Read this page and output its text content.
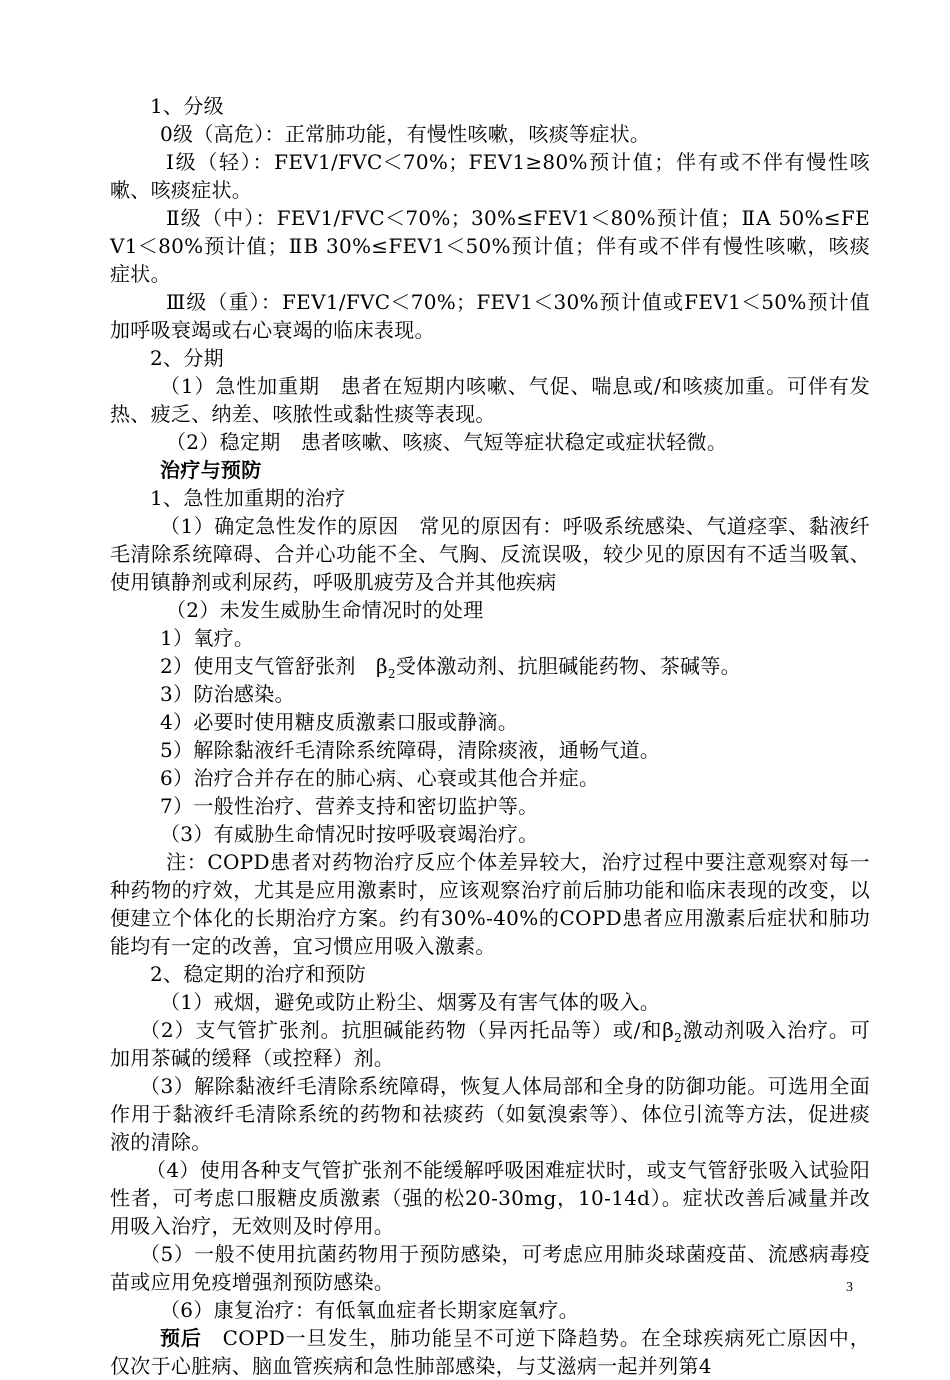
1、分级

0级（高危）：正常肺功能，有慢性咳嗽，咳痰等症状。

Ⅰ级（轻）：FEV1/FVC＜70%；FEV1≥80%预计值；伴有或不伴有慢性咳嗽、咳痰症状。

Ⅱ级（中）：FEV1/FVC＜70%；30%≤FEV1＜80%预计值；ⅡA 50%≤FEV1＜80%预计值；ⅡB 30%≤FEV1＜50%预计值；伴有或不伴有慢性咳嗽，咳痰症状。

Ⅲ级（重）：FEV1/FVC＜70%；FEV1＜30%预计值或FEV1＜50%预计值加呼吸衰竭或右心衰竭的临床表现。

2、分期

（1）急性加重期　患者在短期内咳嗽、气促、喘息或/和咳痰加重。可伴有发热、疲乏、纳差、咳脓性或黏性痰等表现。

（2）稳定期　患者咳嗽、咳痰、气短等症状稳定或症状轻微。

治疗与预防

1、急性加重期的治疗

（1）确定急性发作的原因　常见的原因有：呼吸系统感染、气道痉挛、黏液纤毛清除系统障碍、合并心功能不全、气胸、反流误吸，较少见的原因有不适当吸氧、使用镇静剂或利尿药，呼吸肌疲劳及合并其他疾病

（2）未发生威胁生命情况时的处理

1）氧疗。

2）使用支气管舒张剂　$\beta_2$受体激动剂、抗胆碱能药物、茶碱等。

3）防治感染。

4）必要时使用糖皮质激素口服或静滴。

5）解除黏液纤毛清除系统障碍，清除痰液，通畅气道。

6）治疗合并存在的肺心病、心衰或其他合并症。

7）一般性治疗、营养支持和密切监护等。

（3）有威胁生命情况时按呼吸衰竭治疗。

注：COPD患者对药物治疗反应个体差异较大，治疗过程中要注意观察对每一种药物的疗效，尤其是应用激素时，应该观察治疗前后肺功能和临床表现的改变，以便建立个体化的长期治疗方案。约有30%-40%的COPD患者应用激素后症状和肺功能均有一定的改善，宜习惯应用吸入激素。

2、稳定期的治疗和预防

（1）戒烟，避免或防止粉尘、烟雾及有害气体的吸入。

（2）支气管扩张剂。抗胆碱能药物（异丙托品等）或/和$\beta_2$激动剂吸入治疗。可加用茶碱的缓释（或控释）剂。

（3）解除黏液纤毛清除系统障碍，恢复人体局部和全身的防御功能。可选用全面作用于黏液纤毛清除系统的药物和祛痰药（如氨溴索等）、体位引流等方法，促进痰液的清除。

（4）使用各种支气管扩张剂不能缓解呼吸困难症状时，或支气管舒张吸入试验阳性者，可考虑口服糖皮质激素（强的松20-30mg，10-14d）。症状改善后减量并改用吸入治疗，无效则及时停用。

（5）一般不使用抗菌药物用于预防感染，可考虑应用肺炎球菌疫苗、流感病毒疫苗或应用免疫增强剂预防感染。

（6）康复治疗：有低氧血症者长期家庭氧疗。

预后　COPD一旦发生，肺功能呈不可逆下降趋势。在全球疾病死亡原因中，仅次于心脏病、脑血管疾病和急性肺部感染，与艾滋病一起并列第4

3
